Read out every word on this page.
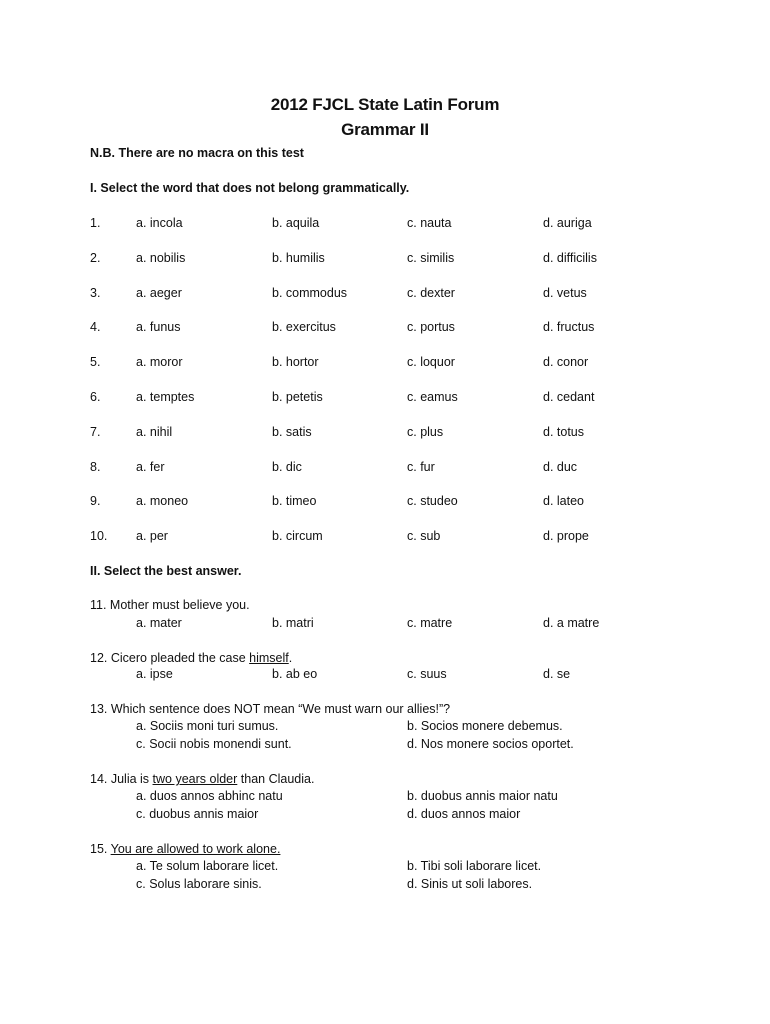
2012 FJCL State Latin Forum
Grammar II
N.B. There are no macra on this test
I. Select the word that does not belong grammatically.
1.	a. incola	b. aquila	c. nauta	d. auriga
2.	a. nobilis	b. humilis	c. similis	d. difficilis
3.	a. aeger	b. commodus	c. dexter	d. vetus
4.	a. funus	b. exercitus	c. portus	d. fructus
5.	a. moror	b. hortor	c. loquor	d. conor
6.	a. temptes	b. petetis	c. eamus	d. cedant
7.	a. nihil	b. satis	c. plus	d. totus
8.	a. fer	b. dic	c. fur	d. duc
9.	a. moneo	b. timeo	c. studeo	d. lateo
10. a. per	b. circum	c. sub	d. prope
II. Select the best answer.
11. Mother must believe you.
a. mater	b. matri	c. matre	d. a matre
12. Cicero pleaded the case himself.
a. ipse	b. ab eo	c. suus	d. se
13. Which sentence does NOT mean “We must warn our allies!”?
a. Sociis moni turi sumus.	b. Socios monere debemus.
c. Socii nobis monendi sunt.	d. Nos monere socios oportet.
14. Julia is two years older than Claudia.
a. duos annos abhinc natu	b. duobus annis maior natu
c. duobus annis maior	d. duos annos maior
15. You are allowed to work alone.
a. Te solum laborare licet.	b. Tibi soli laborare licet.
c. Solus laborare sinis.	d. Sinis ut soli labores.
